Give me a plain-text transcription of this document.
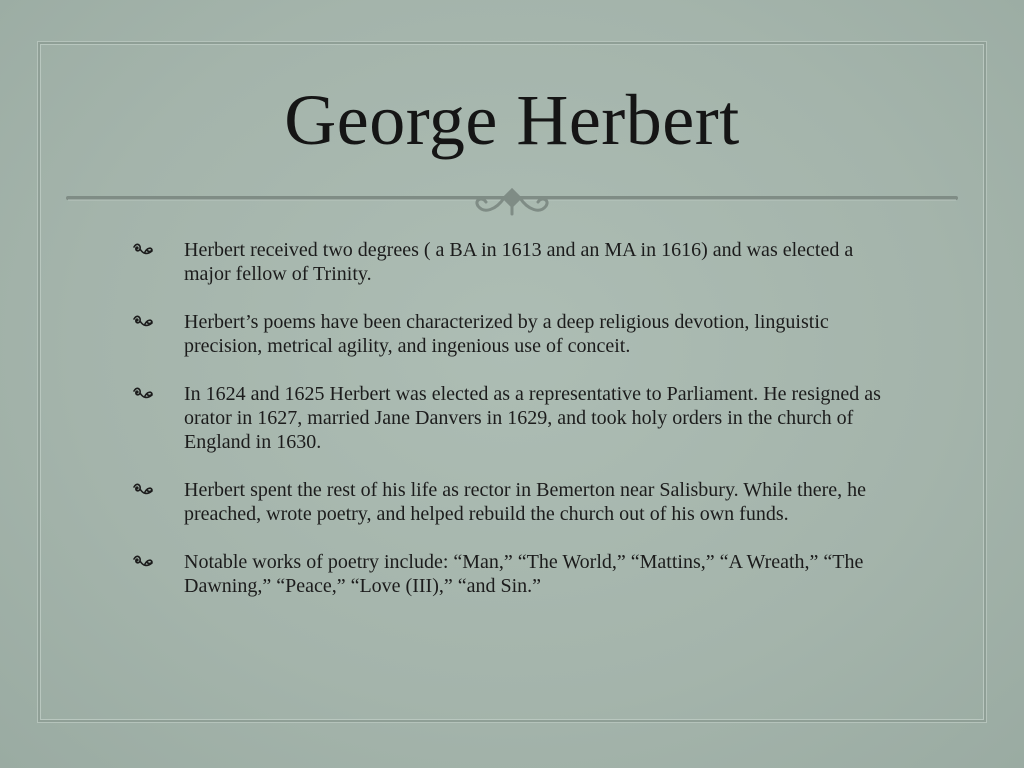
George Herbert
Herbert received two degrees ( a BA in 1613 and an MA in 1616) and was elected a major fellow of Trinity.
Herbert’s poems have been characterized by a deep religious devotion, linguistic precision, metrical agility, and ingenious use of conceit.
In 1624 and 1625 Herbert was elected as a representative to Parliament. He resigned as orator in 1627, married Jane Danvers in 1629, and took holy orders in the church of England in 1630.
Herbert spent the rest of his life as rector in Bemerton near Salisbury. While there, he preached, wrote poetry, and helped rebuild the church out of his own funds.
Notable works of poetry include: “Man,” “The World,” “Mattins,” “A Wreath,” “The Dawning,” “Peace,” “Love (III),” “and Sin.”
